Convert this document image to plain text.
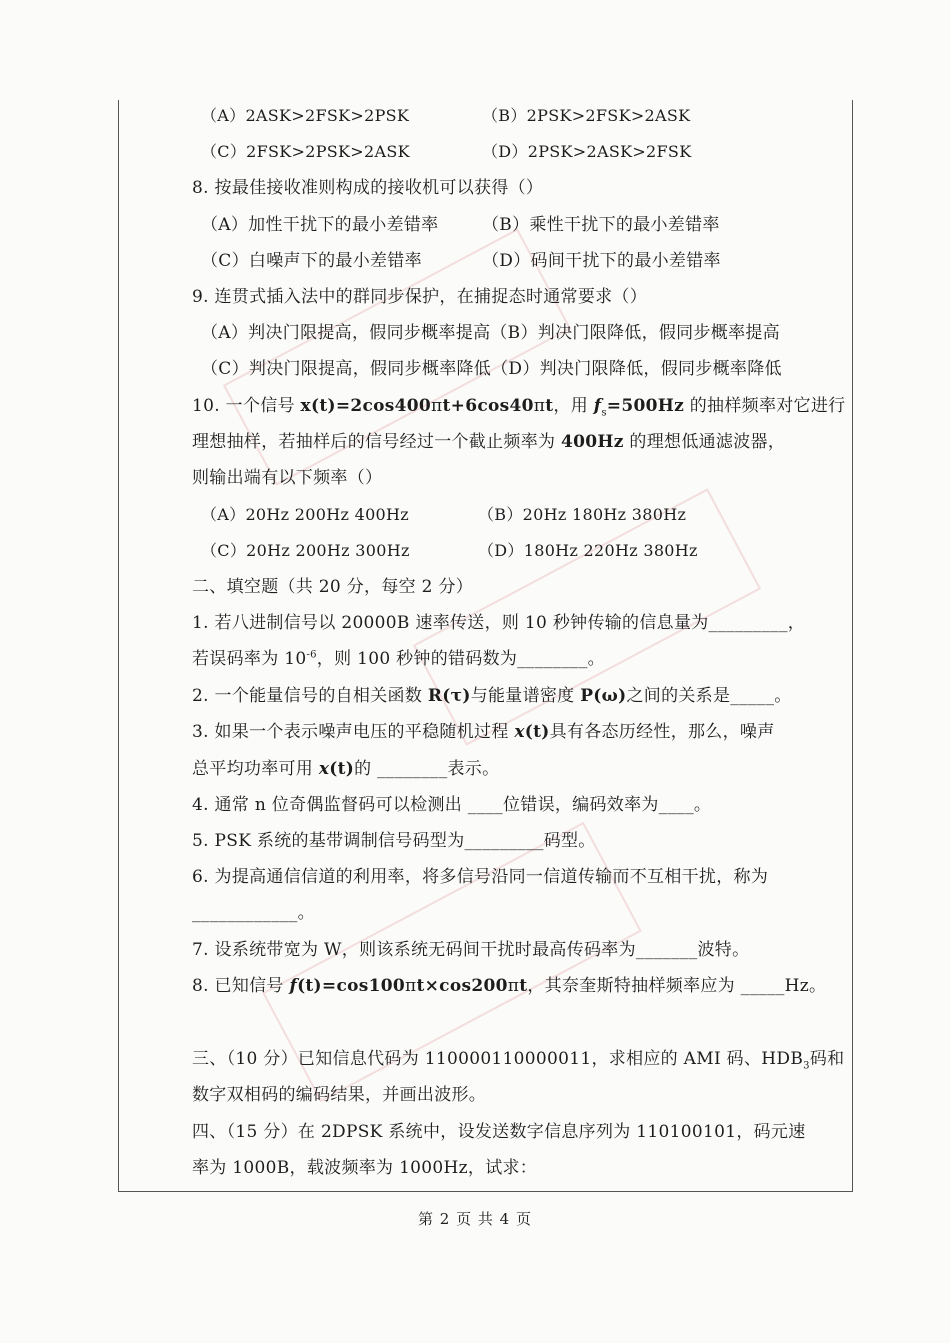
（A）2ASK>2FSK>2PSK	（B）2PSK>2FSK>2ASK
（C）2FSK>2PSK>2ASK	（D）2PSK>2ASK>2FSK
8. 按最佳接收准则构成的接收机可以获得（）
（A）加性干扰下的最小差错率	（B）乘性干扰下的最小差错率
（C）白噪声下的最小差错率	（D）码间干扰下的最小差错率
9. 连贯式插入法中的群同步保护，在捕捉态时通常要求（）
（A）判决门限提高，假同步概率提高（B）判决门限降低，假同步概率提高
（C）判决门限提高，假同步概率降低（D）判决门限降低，假同步概率降低
10. 一个信号 x(t)=2cos400πt+6cos40πt，用 $f_s=500Hz$ 的抽样频率对它进行
理想抽样，若抽样后的信号经过一个截止频率为 400Hz 的理想低通滤波器，
则输出端有以下频率（）
（A）20Hz 200Hz 400Hz	（B）20Hz 180Hz 380Hz
（C）20Hz 200Hz 300Hz	（D）180Hz 220Hz 380Hz
二、填空题（共 20 分，每空 2 分）
1. 若八进制信号以 20000B 速率传送，则 10 秒钟传输的信息量为_________，
若误码率为 $10^{-6}$，则 100 秒钟的错码数为________。
2. 一个能量信号的自相关函数 R(τ)与能量谱密度 P(ω)之间的关系是_____。
3. 如果一个表示噪声电压的平稳随机过程 x(t)具有各态历经性，那么，噪声
总平均功率可用 x(t)的 ________表示。
4. 通常 n 位奇偶监督码可以检测出 ____位错误，编码效率为____。
5. PSK 系统的基带调制信号码型为_________码型。
6. 为提高通信信道的利用率，将多信号沿同一信道传输而不互相干扰，称为
____________。
7. 设系统带宽为 W，则该系统无码间干扰时最高传码率为_______波特。
8. 已知信号 f(t)=cos100πt×cos200πt，其奈奎斯特抽样频率应为 _____Hz。
三、（10 分）已知信息代码为 110000110000011，求相应的 AMI 码、$HDB_3$码和
数字双相码的编码结果，并画出波形。
四、（15 分）在 2DPSK 系统中，设发送数字信息序列为 110100101，码元速
率为 1000B，载波频率为 1000Hz，试求：
第 2 页 共 4 页
